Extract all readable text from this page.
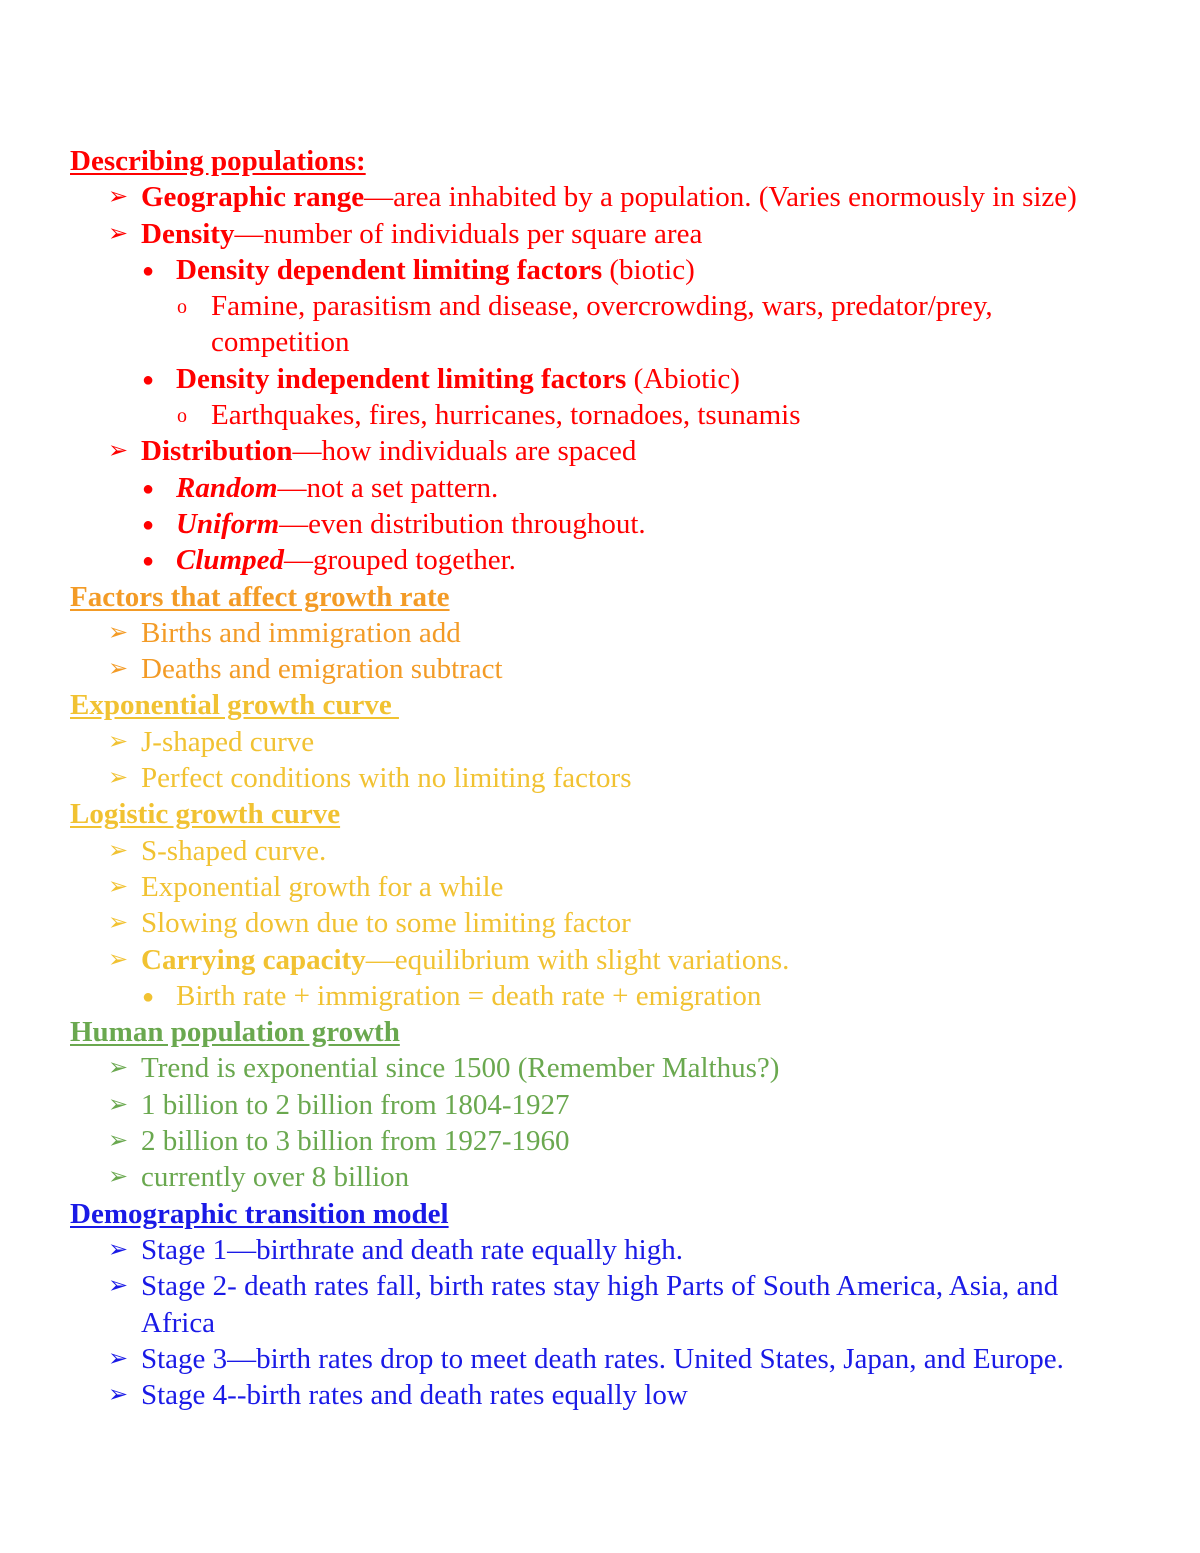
Describing populations:
➢ Geographic range—area inhabited by a population. (Varies enormously in size)
➢ Density—number of individuals per square area
● Density dependent limiting factors (biotic)
o Famine, parasitism and disease, overcrowding, wars, predator/prey, competition
● Density independent limiting factors (Abiotic)
o Earthquakes, fires, hurricanes, tornadoes, tsunamis
➢ Distribution—how individuals are spaced
● Random—not a set pattern.
● Uniform—even distribution throughout.
● Clumped—grouped together.
Factors that affect growth rate
➢ Births and immigration add
➢ Deaths and emigration subtract
Exponential growth curve
➢ J-shaped curve
➢ Perfect conditions with no limiting factors
Logistic growth curve
➢ S-shaped curve.
➢ Exponential growth for a while
➢ Slowing down due to some limiting factor
➢ Carrying capacity—equilibrium with slight variations.
● Birth rate + immigration = death rate + emigration
Human population growth
➢ Trend is exponential since 1500 (Remember Malthus?)
➢ 1 billion to 2 billion from 1804-1927
➢ 2 billion to 3 billion from 1927-1960
➢ currently over 8 billion
Demographic transition model
➢ Stage 1—birthrate and death rate equally high.
➢ Stage 2- death rates fall, birth rates stay high Parts of South America, Asia, and Africa
➢ Stage 3—birth rates drop to meet death rates. United States, Japan, and Europe.
➢ Stage 4--birth rates and death rates equally low
